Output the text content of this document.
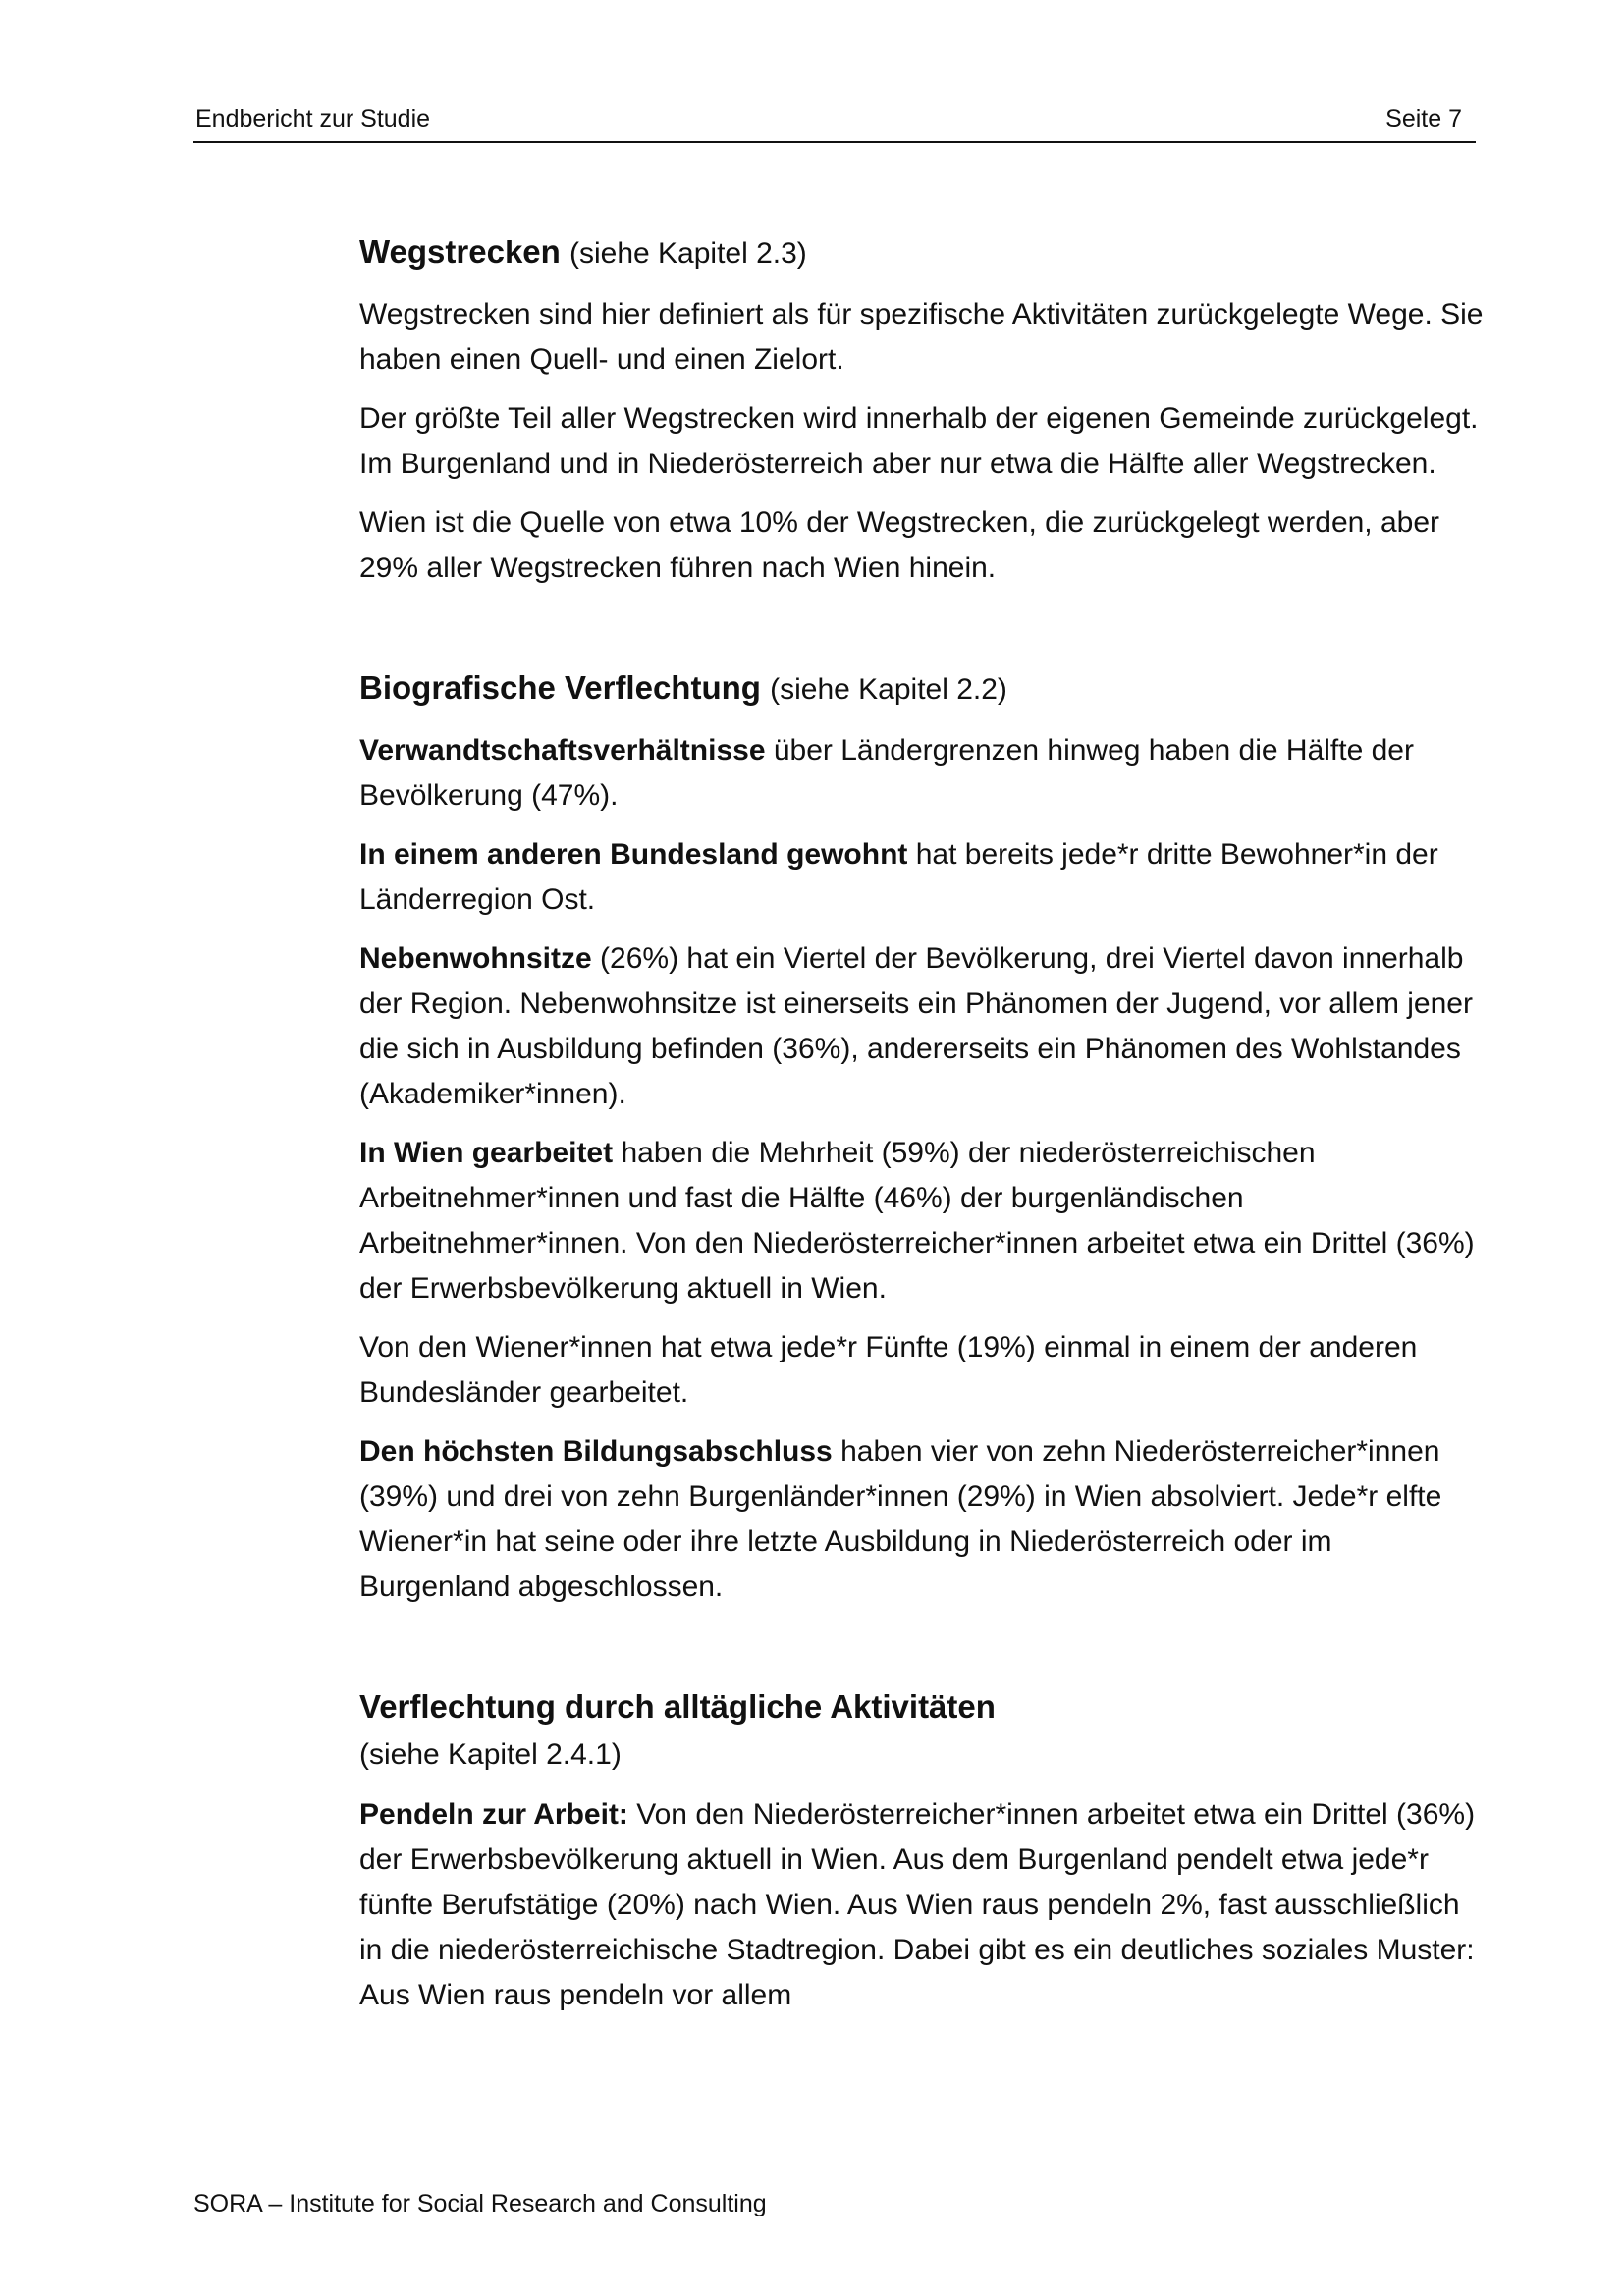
Endbericht zur Studie	Seite 7
Wegstrecken (siehe Kapitel 2.3)

Wegstrecken sind hier definiert als für spezifische Aktivitäten zurückgelegte Wege. Sie haben einen Quell- und einen Zielort.

Der größte Teil aller Wegstrecken wird innerhalb der eigenen Gemeinde zurückgelegt. Im Burgenland und in Niederösterreich aber nur etwa die Hälfte aller Wegstrecken.

Wien ist die Quelle von etwa 10% der Wegstrecken, die zurückgelegt werden, aber 29% aller Wegstrecken führen nach Wien hinein.

Biografische Verflechtung (siehe Kapitel 2.2)

Verwandtschaftsverhältnisse über Ländergrenzen hinweg haben die Hälfte der Bevölkerung (47%).

In einem anderen Bundesland gewohnt hat bereits jede*r dritte Bewohner*in der Länderregion Ost.

Nebenwohnsitze (26%) hat ein Viertel der Bevölkerung, drei Viertel davon innerhalb der Region. Nebenwohnsitze ist einerseits ein Phänomen der Jugend, vor allem jener die sich in Ausbildung befinden (36%), andererseits ein Phänomen des Wohlstandes (Akademiker*innen).

In Wien gearbeitet haben die Mehrheit (59%) der niederösterreichischen Arbeitnehmer*innen und fast die Hälfte (46%) der burgenländischen Arbeitnehmer*innen. Von den Niederösterreicher*innen arbeitet etwa ein Drittel (36%) der Erwerbsbevölkerung aktuell in Wien.

Von den Wiener*innen hat etwa jede*r Fünfte (19%) einmal in einem der anderen Bundesländer gearbeitet.

Den höchsten Bildungsabschluss haben vier von zehn Niederösterreicher*innen (39%) und drei von zehn Burgenländer*innen (29%) in Wien absolviert. Jede*r elfte Wiener*in hat seine oder ihre letzte Ausbildung in Niederösterreich oder im Burgenland abgeschlossen.

Verflechtung durch alltägliche Aktivitäten
(siehe Kapitel 2.4.1)

Pendeln zur Arbeit: Von den Niederösterreicher*innen arbeitet etwa ein Drittel (36%) der Erwerbsbevölkerung aktuell in Wien. Aus dem Burgenland pendelt etwa jede*r fünfte Berufstätige (20%) nach Wien. Aus Wien raus pendeln 2%, fast ausschließlich in die niederösterreichische Stadtregion. Dabei gibt es ein deutliches soziales Muster: Aus Wien raus pendeln vor allem

SORA – Institute for Social Research and Consulting
